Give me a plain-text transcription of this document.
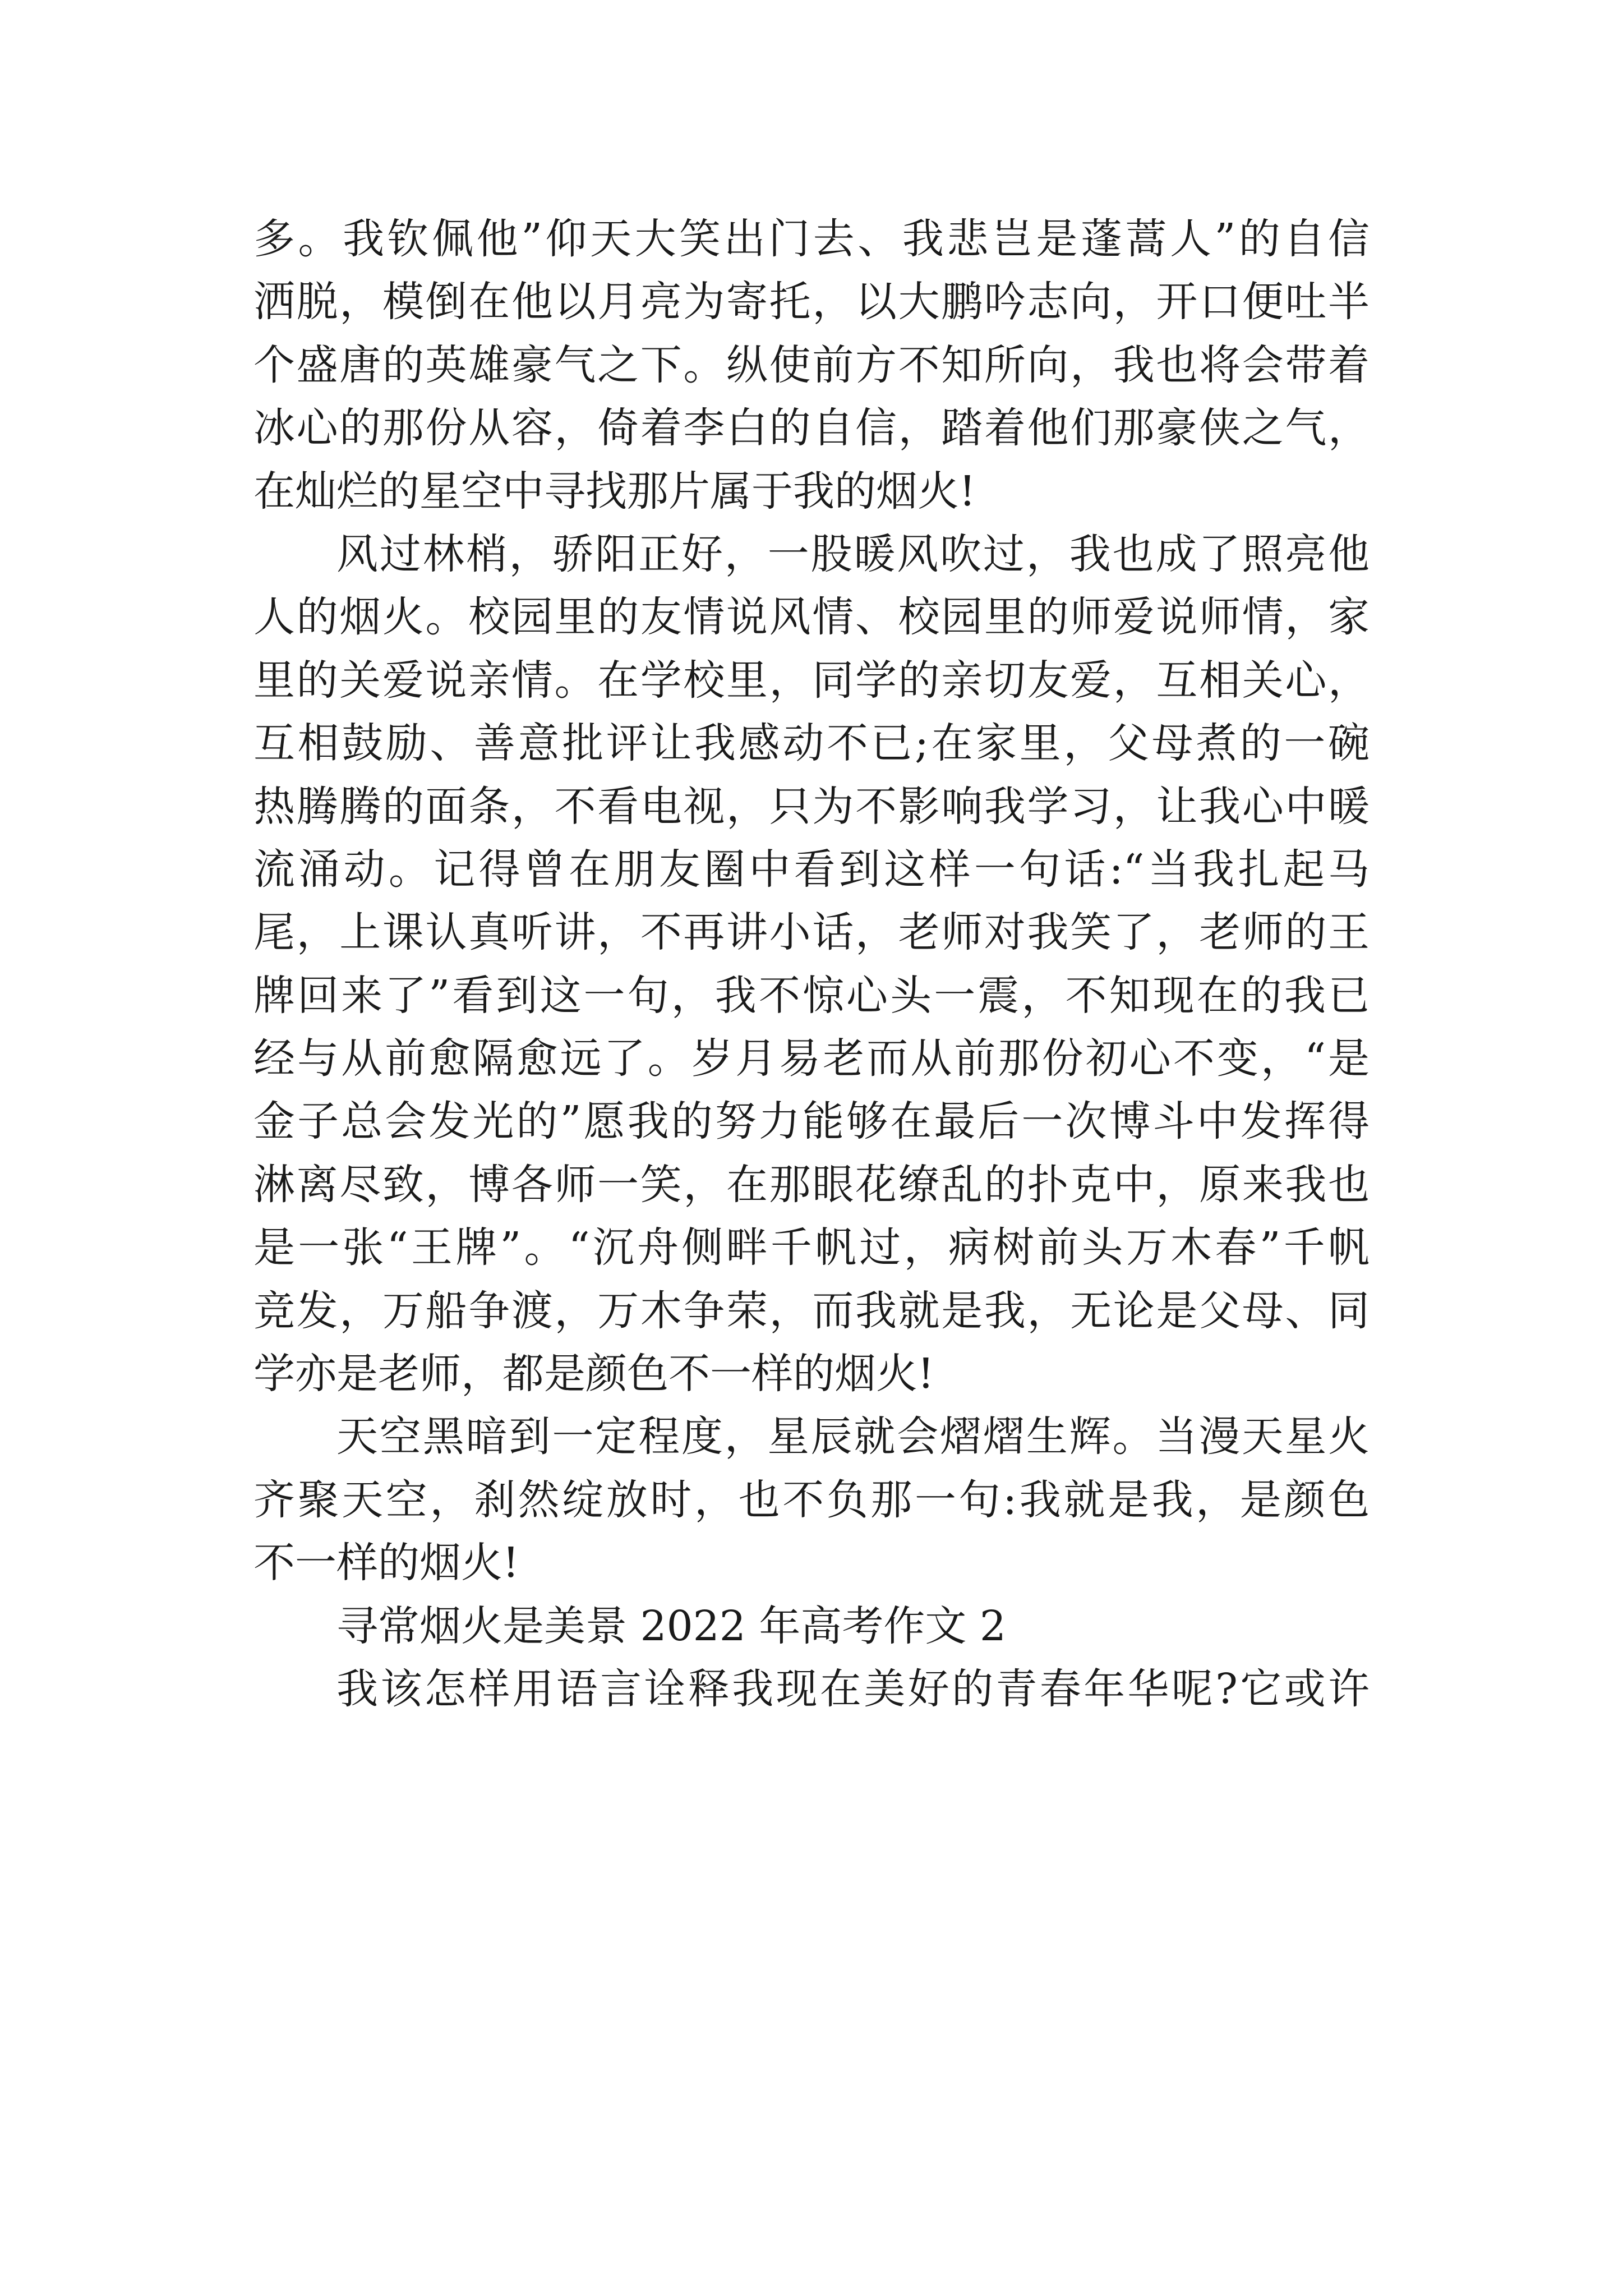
多。我钦佩他”仰天大笑出门去、我悲岂是蓬蒿人”的自信
洒脱，模倒在他以月亮为寄托，以大鹏吟志向，开口便吐半
个盛唐的英雄豪气之下。纵使前方不知所向，我也将会带着
冰心的那份从容，倚着李白的自信，踏着他们那豪侠之气，
在灿烂的星空中寻找那片属于我的烟火!
风过林梢，骄阳正好，一股暖风吹过，我也成了照亮他
人的烟火。校园里的友情说风情、校园里的师爱说师情，家
里的关爱说亲情。在学校里，同学的亲切友爱，互相关心，
互相鼓励、善意批评让我感动不已;在家里，父母煮的一碗
热腾腾的面条，不看电视，只为不影响我学习，让我心中暖
流涌动。记得曾在朋友圈中看到这样一句话:“当我扎起马
尾，上课认真听讲，不再讲小话，老师对我笑了，老师的王
牌回来了”看到这一句，我不惊心头一震，不知现在的我已
经与从前愈隔愈远了。岁月易老而从前那份初心不变，“是
金子总会发光的”愿我的努力能够在最后一次博斗中发挥得
淋离尽致，博各师一笑，在那眼花缭乱的扑克中，原来我也
是一张“王牌”。“沉舟侧畔千帆过，病树前头万木春”千帆
竞发，万船争渡，万木争荣，而我就是我，无论是父母、同
学亦是老师，都是颜色不一样的烟火!
天空黑暗到一定程度，星辰就会熠熠生辉。当漫天星火
齐聚天空，刹然绽放时，也不负那一句:我就是我，是颜色
不一样的烟火!
寻常烟火是美景 2022 年高考作文 2
我该怎样用语言诠释我现在美好的青春年华呢?它或许
